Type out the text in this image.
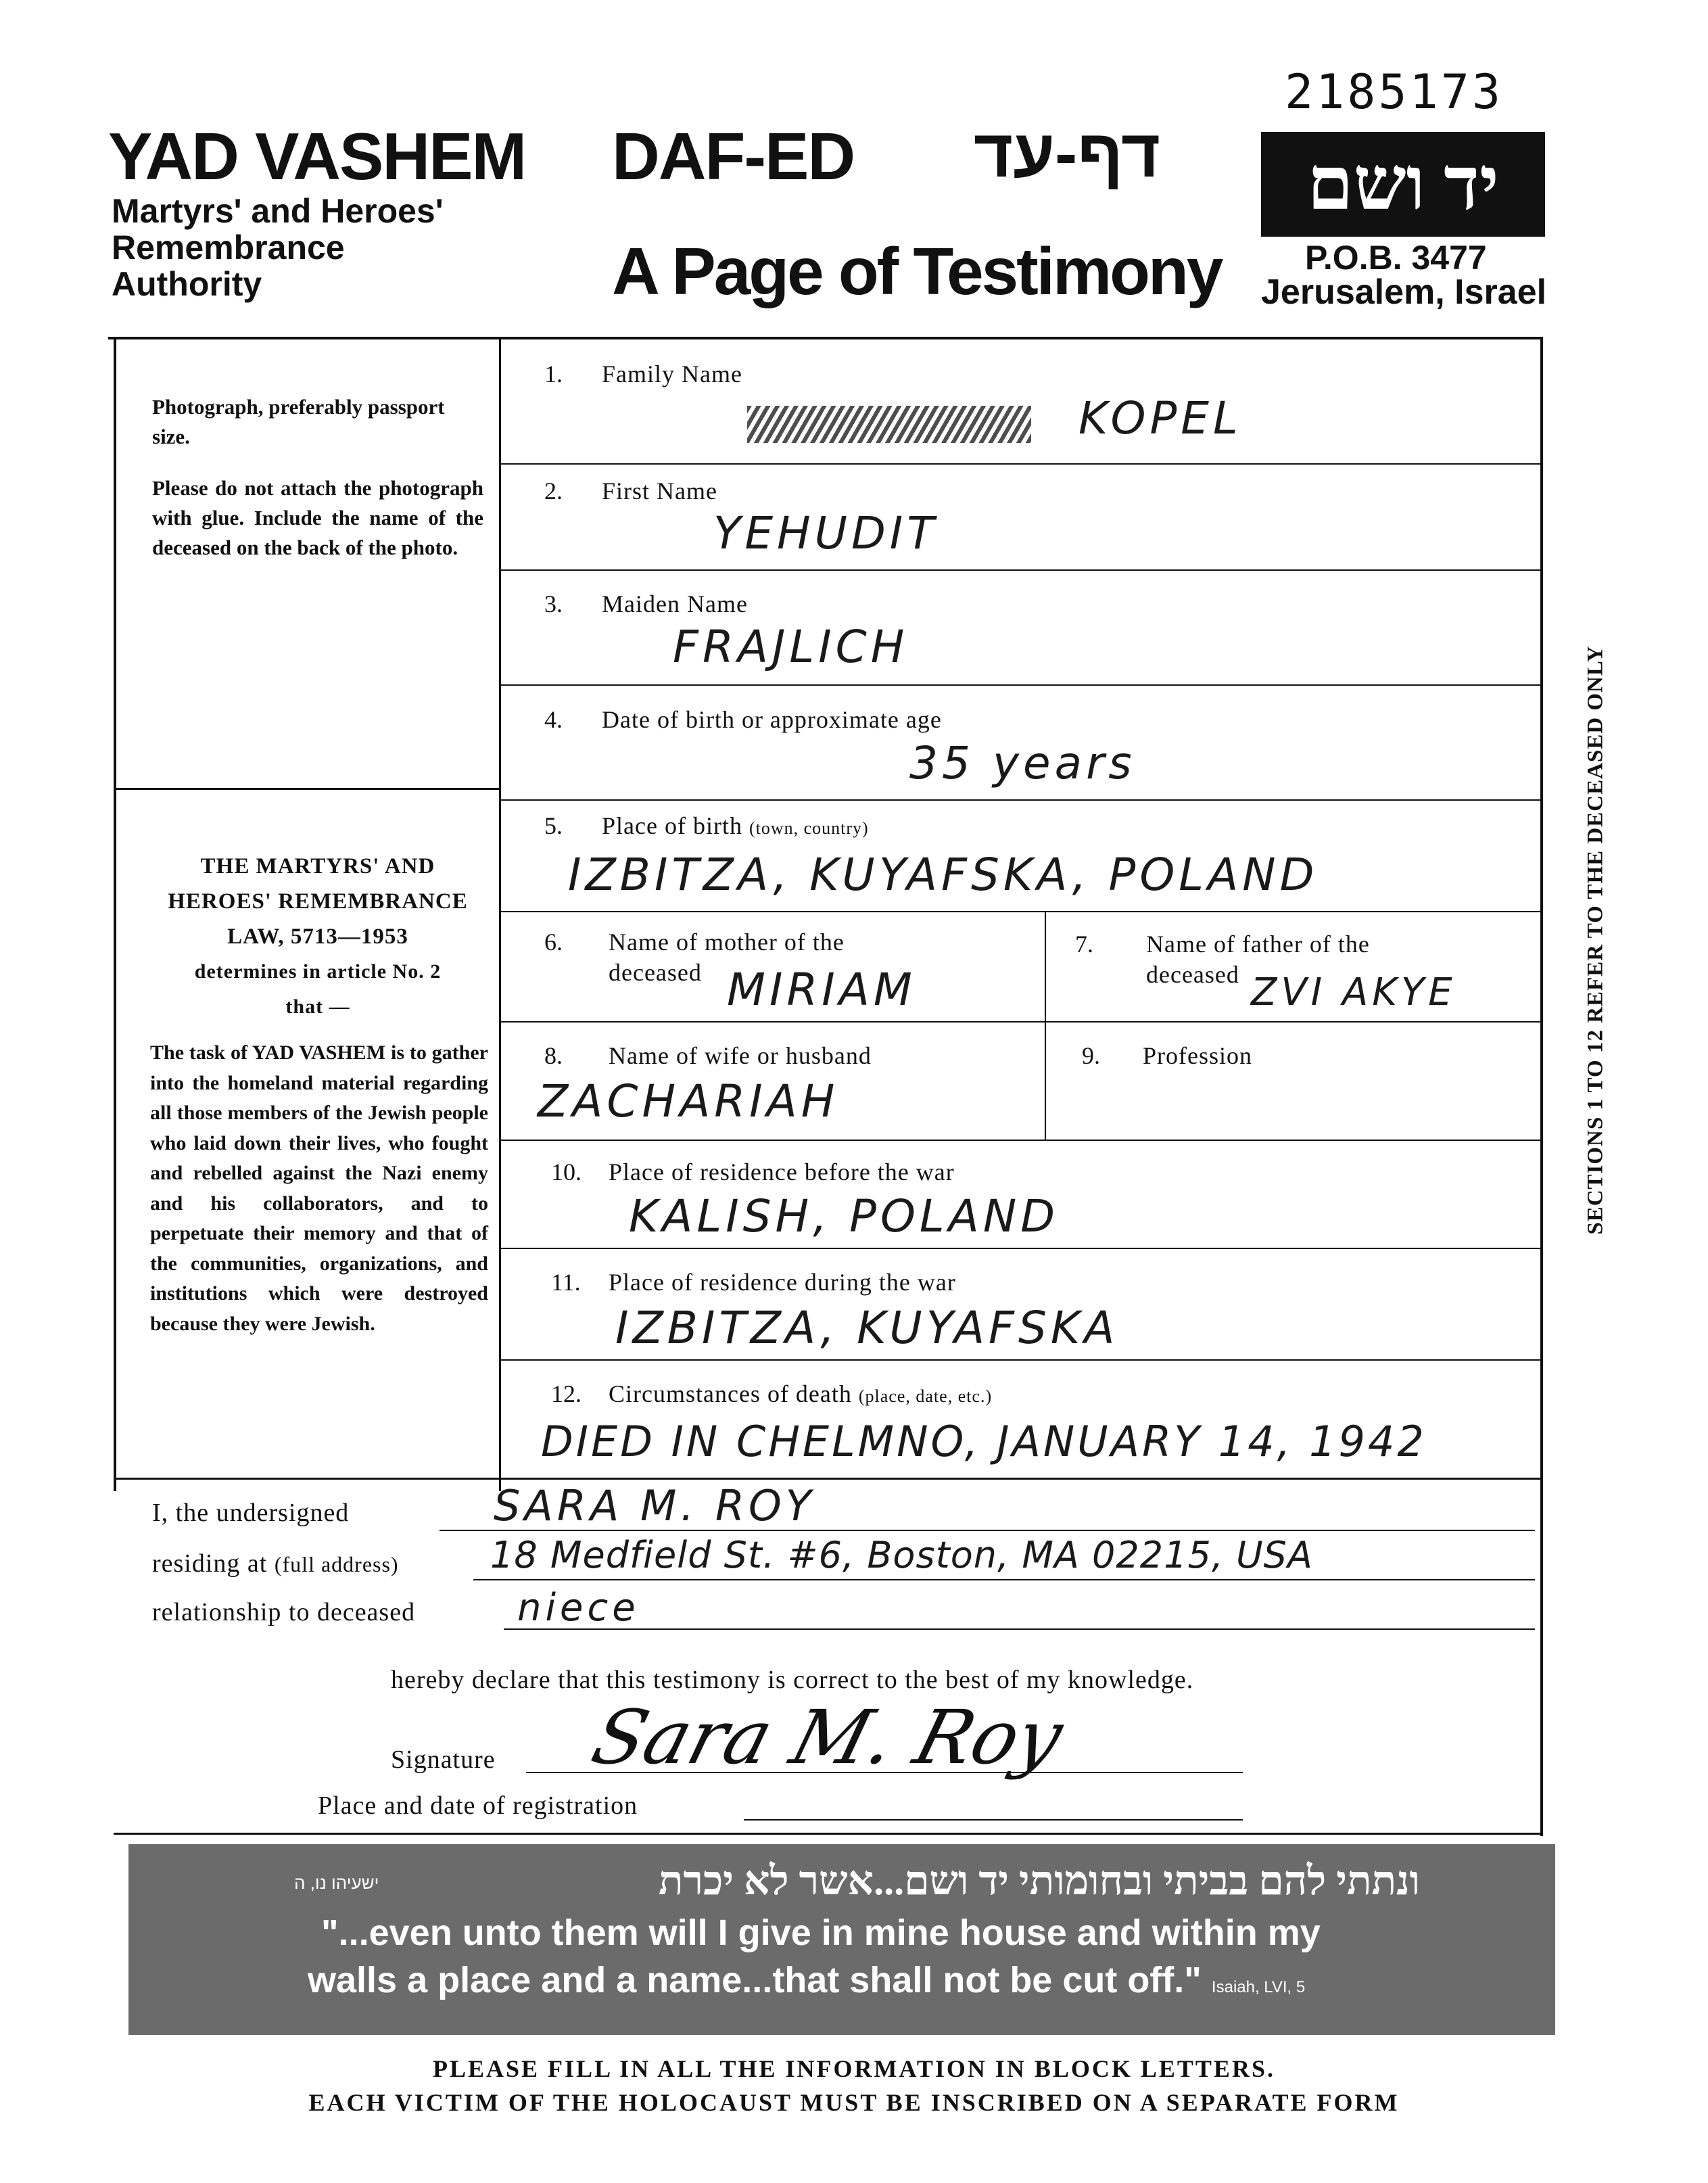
2185173
YAD VASHEM
Martyrs' and Heroes'
Remembrance
Authority
DAF-ED דף-עד
A Page of Testimony
יד ושם
P.O.B. 3477
Jerusalem, Israel
Photograph, preferably passport size.
Please do not attach the photograph with glue. Include the name of the deceased on the back of the photo.
THE MARTYRS' AND
HEROES' REMEMBRANCE
LAW, 5713—1953
determines in article No. 2
that —
The task of YAD VASHEM is to gather into the homeland material regarding all those members of the Jewish people who laid down their lives, who fought and rebelled against the Nazi enemy and his collaborators, and to perpetuate their memory and that of the communities, organizations, and institutions which were destroyed because they were Jewish.
1. Family Name
KOPEL
2. First Name
YEHUDIT
3. Maiden Name
FRAJLICH
4. Date of birth or approximate age
35 years
5. Place of birth (town, country)
IZBITZA, KUYAFSKA, POLAND
6. Name of mother of the
deceased MIRIAM
7. Name of father of the
deceased ZVI AKYE
8. Name of wife or husband
ZACHARIAH
9. Profession
10. Place of residence before the war
KALISH, POLAND
11. Place of residence during the war
IZBITZA, KUYAFSKA
12. Circumstances of death (place, date, etc.)
DIED IN CHELMNO, JANUARY 14, 1942
SECTIONS 1 TO 12 REFER TO THE DECEASED ONLY
I, the undersigned	SARA M. ROY
residing at (full address)	18 Medfield St. #6, Boston, MA 02215, USA
relationship to deceased	niece
hereby declare that this testimony is correct to the best of my knowledge.
Signature Sara M. Roy
Place and date of registration
ישעיהו נו, ה	ונתתי להם בביתי ובחומותי יד ושם...אשר לא יכרת
"...even unto them will I give in mine house and within my
walls a place and a name...that shall not be cut off." Isaiah, LVI, 5
PLEASE FILL IN ALL THE INFORMATION IN BLOCK LETTERS.
EACH VICTIM OF THE HOLOCAUST MUST BE INSCRIBED ON A SEPARATE FORM
